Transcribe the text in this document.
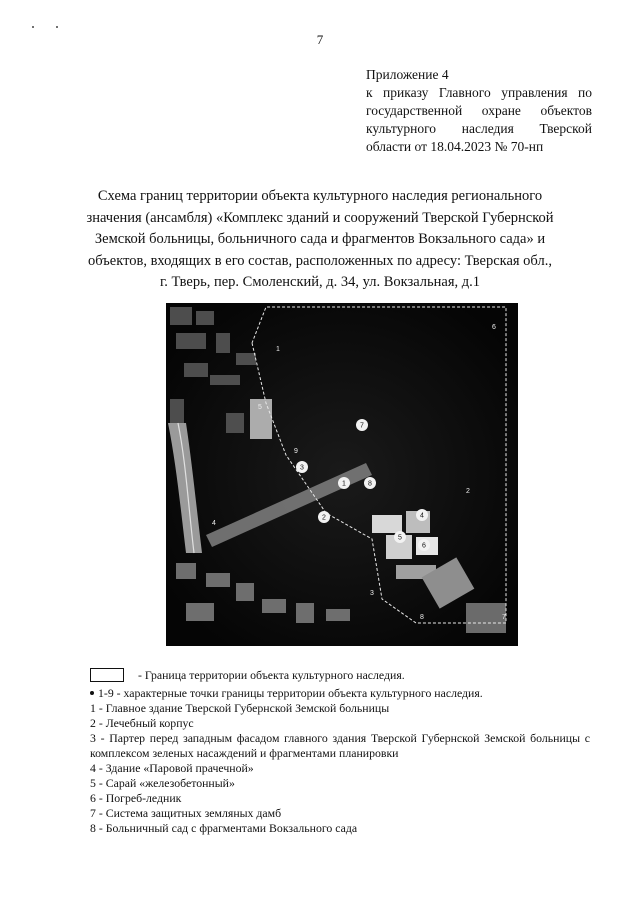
7
Приложение 4
к приказу Главного управления по
государственной охране объектов
культурного наследия Тверской
области от 18.04.2023 № 70-нп
Схема границ территории объекта культурного наследия регионального
значения (ансамбля) «Комплекс зданий и сооружений Тверской Губернской
Земской больницы, больничного сада и фрагментов Вокзального сада» и
объектов, входящих в его состав, расположенных по адресу: Тверская обл.,
г. Тверь, пер. Смоленский, д. 34, ул. Вокзальная, д.1
1
2
3
4
5
6
7
8
1
2
3
4
5
6
7
8
9
- Граница территории объекта культурного наследия.
1-9 - характерные точки границы территории объекта культурного наследия.
1 - Главное здание Тверской Губернской Земской больницы
2 - Лечебный корпус
3 - Партер перед западным фасадом главного здания Тверской Губернской Земской больницы с комплексом зеленых насаждений и фрагментами планировки
4 - Здание «Паровой прачечной»
5 - Сарай «железобетонный»
6 - Погреб-ледник
7 - Система защитных земляных дамб
8 - Больничный сад с фрагментами Вокзального сада
